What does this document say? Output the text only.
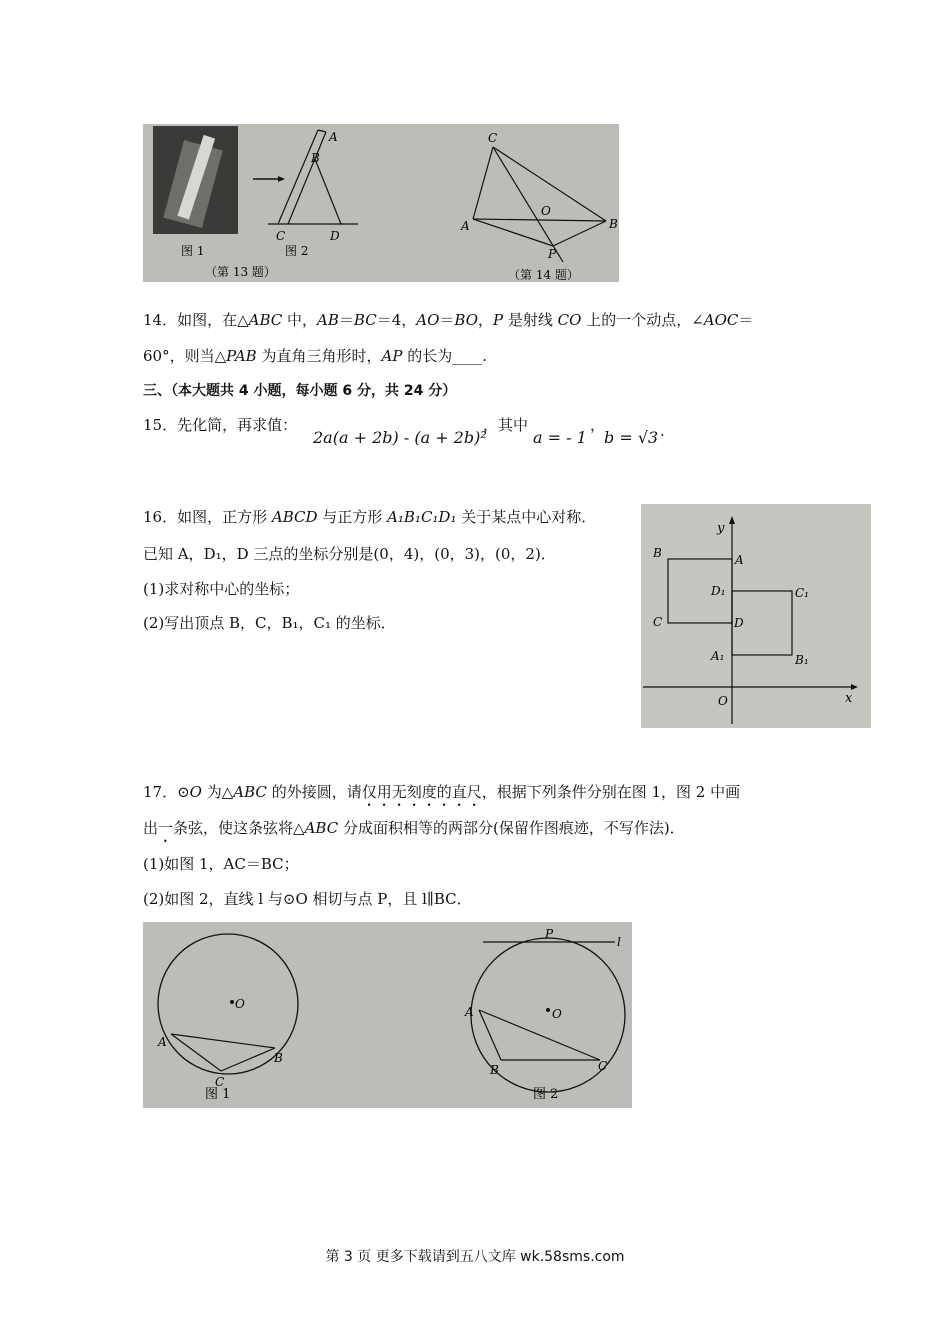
A
B
C	D
图 1	图 2
（第 13 题）
C
O
A	B
P
（第 14 题）
14．如图，在△ABC 中，AB＝BC＝4，AO＝BO，P 是射线 CO 上的一个动点，∠AOC＝
60°，则当△PAB 为直角三角形时，AP 的长为____.
三、（本大题共 4 小题，每小题 6 分，共 24 分）
15．先化简，再求值：
2a(a + 2b) - (a + 2b)²
，其中
a = - 1
，
b = √3 .
16．如图，正方形 ABCD 与正方形 A₁B₁C₁D₁ 关于某点中心对称．
已知 A，D₁，D 三点的坐标分别是(0，4)，(0，3)，(0，2)．
(1)求对称中心的坐标；
(2)写出顶点 B，C，B₁，C₁ 的坐标．
y
x
O
B	A
D₁	C₁
C	D
A₁	B₁
17．⊙O 为△ABC 的外接圆，请仅用无刻度的直尺，根据下列条件分别在图 1，图 2 中画
出一条弦，使这条弦将△ABC 分成面积相等的两部分(保留作图痕迹，不写作法)．
(1)如图 1，AC＝BC；
(2)如图 2，直线 l 与⊙O 相切与点 P，且 l∥BC．
O
A
B
C
图 1
P
l
O
A
B	C
图 2
第 3 页 更多下载请到五八文库 wk.58sms.com
